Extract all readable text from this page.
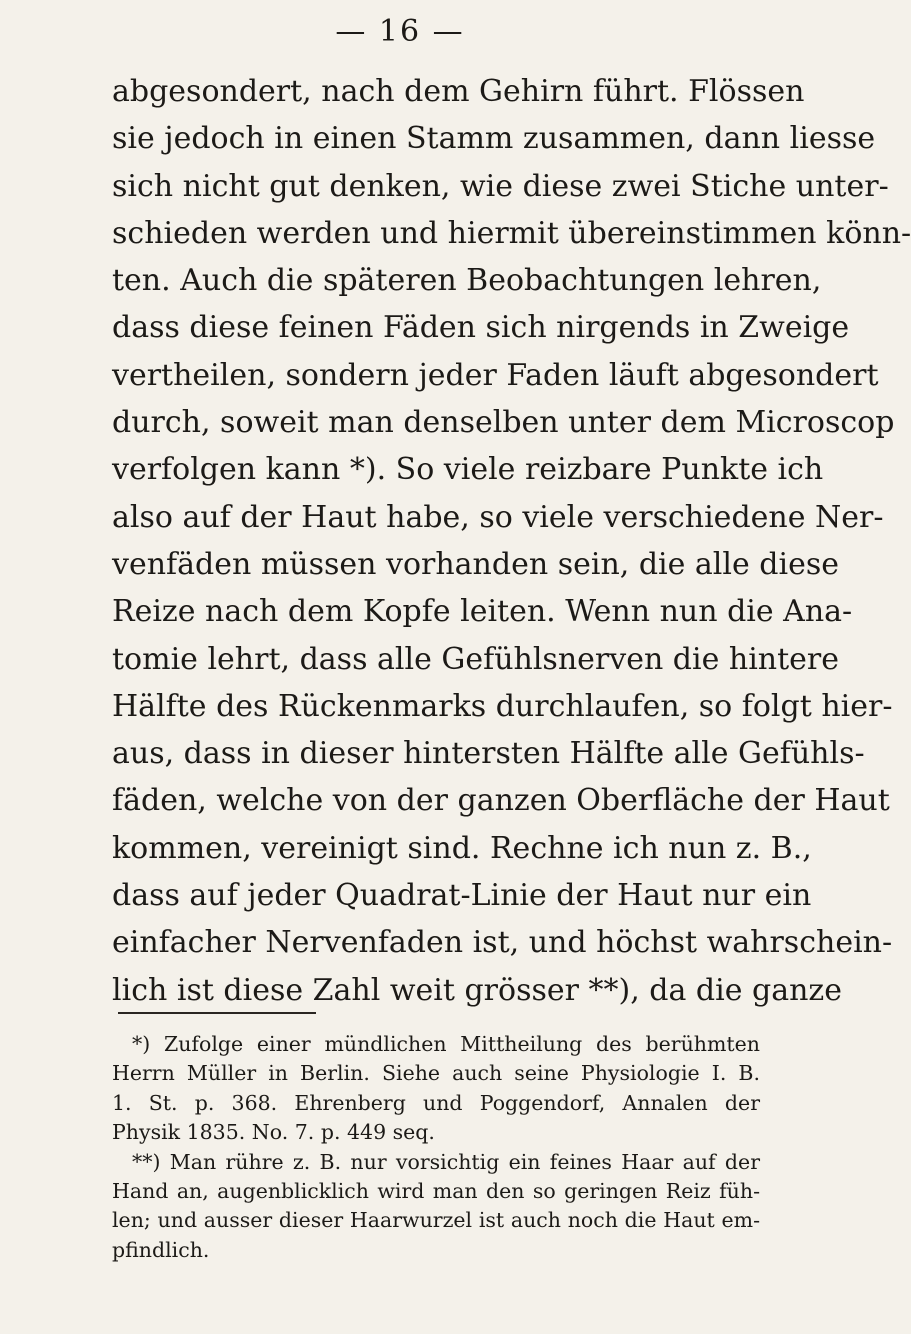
— 16 —
abgesondert, nach dem Gehirn führt. Flössen
sie jedoch in einen Stamm zusammen, dann liesse
sich nicht gut denken, wie diese zwei Stiche unter-
schieden werden und hiermit übereinstimmen könn-
ten. Auch die späteren Beobachtungen lehren,
dass diese feinen Fäden sich nirgends in Zweige
vertheilen, sondern jeder Faden läuft abgesondert
durch, soweit man denselben unter dem Microscop
verfolgen kann *). So viele reizbare Punkte ich
also auf der Haut habe, so viele verschiedene Ner-
venfäden müssen vorhanden sein, die alle diese
Reize nach dem Kopfe leiten. Wenn nun die Ana-
tomie lehrt, dass alle Gefühlsnerven die hintere
Hälfte des Rückenmarks durchlaufen, so folgt hier-
aus, dass in dieser hintersten Hälfte alle Gefühls-
fäden, welche von der ganzen Oberfläche der Haut
kommen, vereinigt sind. Rechne ich nun z. B.,
dass auf jeder Quadrat-Linie der Haut nur ein
einfacher Nervenfaden ist, und höchst wahrschein-
lich ist diese Zahl weit grösser **), da die ganze
*) Zufolge einer mündlichen Mittheilung des berühmten
Herrn Müller in Berlin. Siehe auch seine Physiologie I. B.
1. St. p. 368. Ehrenberg und Poggendorf, Annalen der
Physik 1835. No. 7. p. 449 seq.
**) Man rühre z. B. nur vorsichtig ein feines Haar auf der
Hand an, augenblicklich wird man den so geringen Reiz füh-
len; und ausser dieser Haarwurzel ist auch noch die Haut em-
pfindlich.
